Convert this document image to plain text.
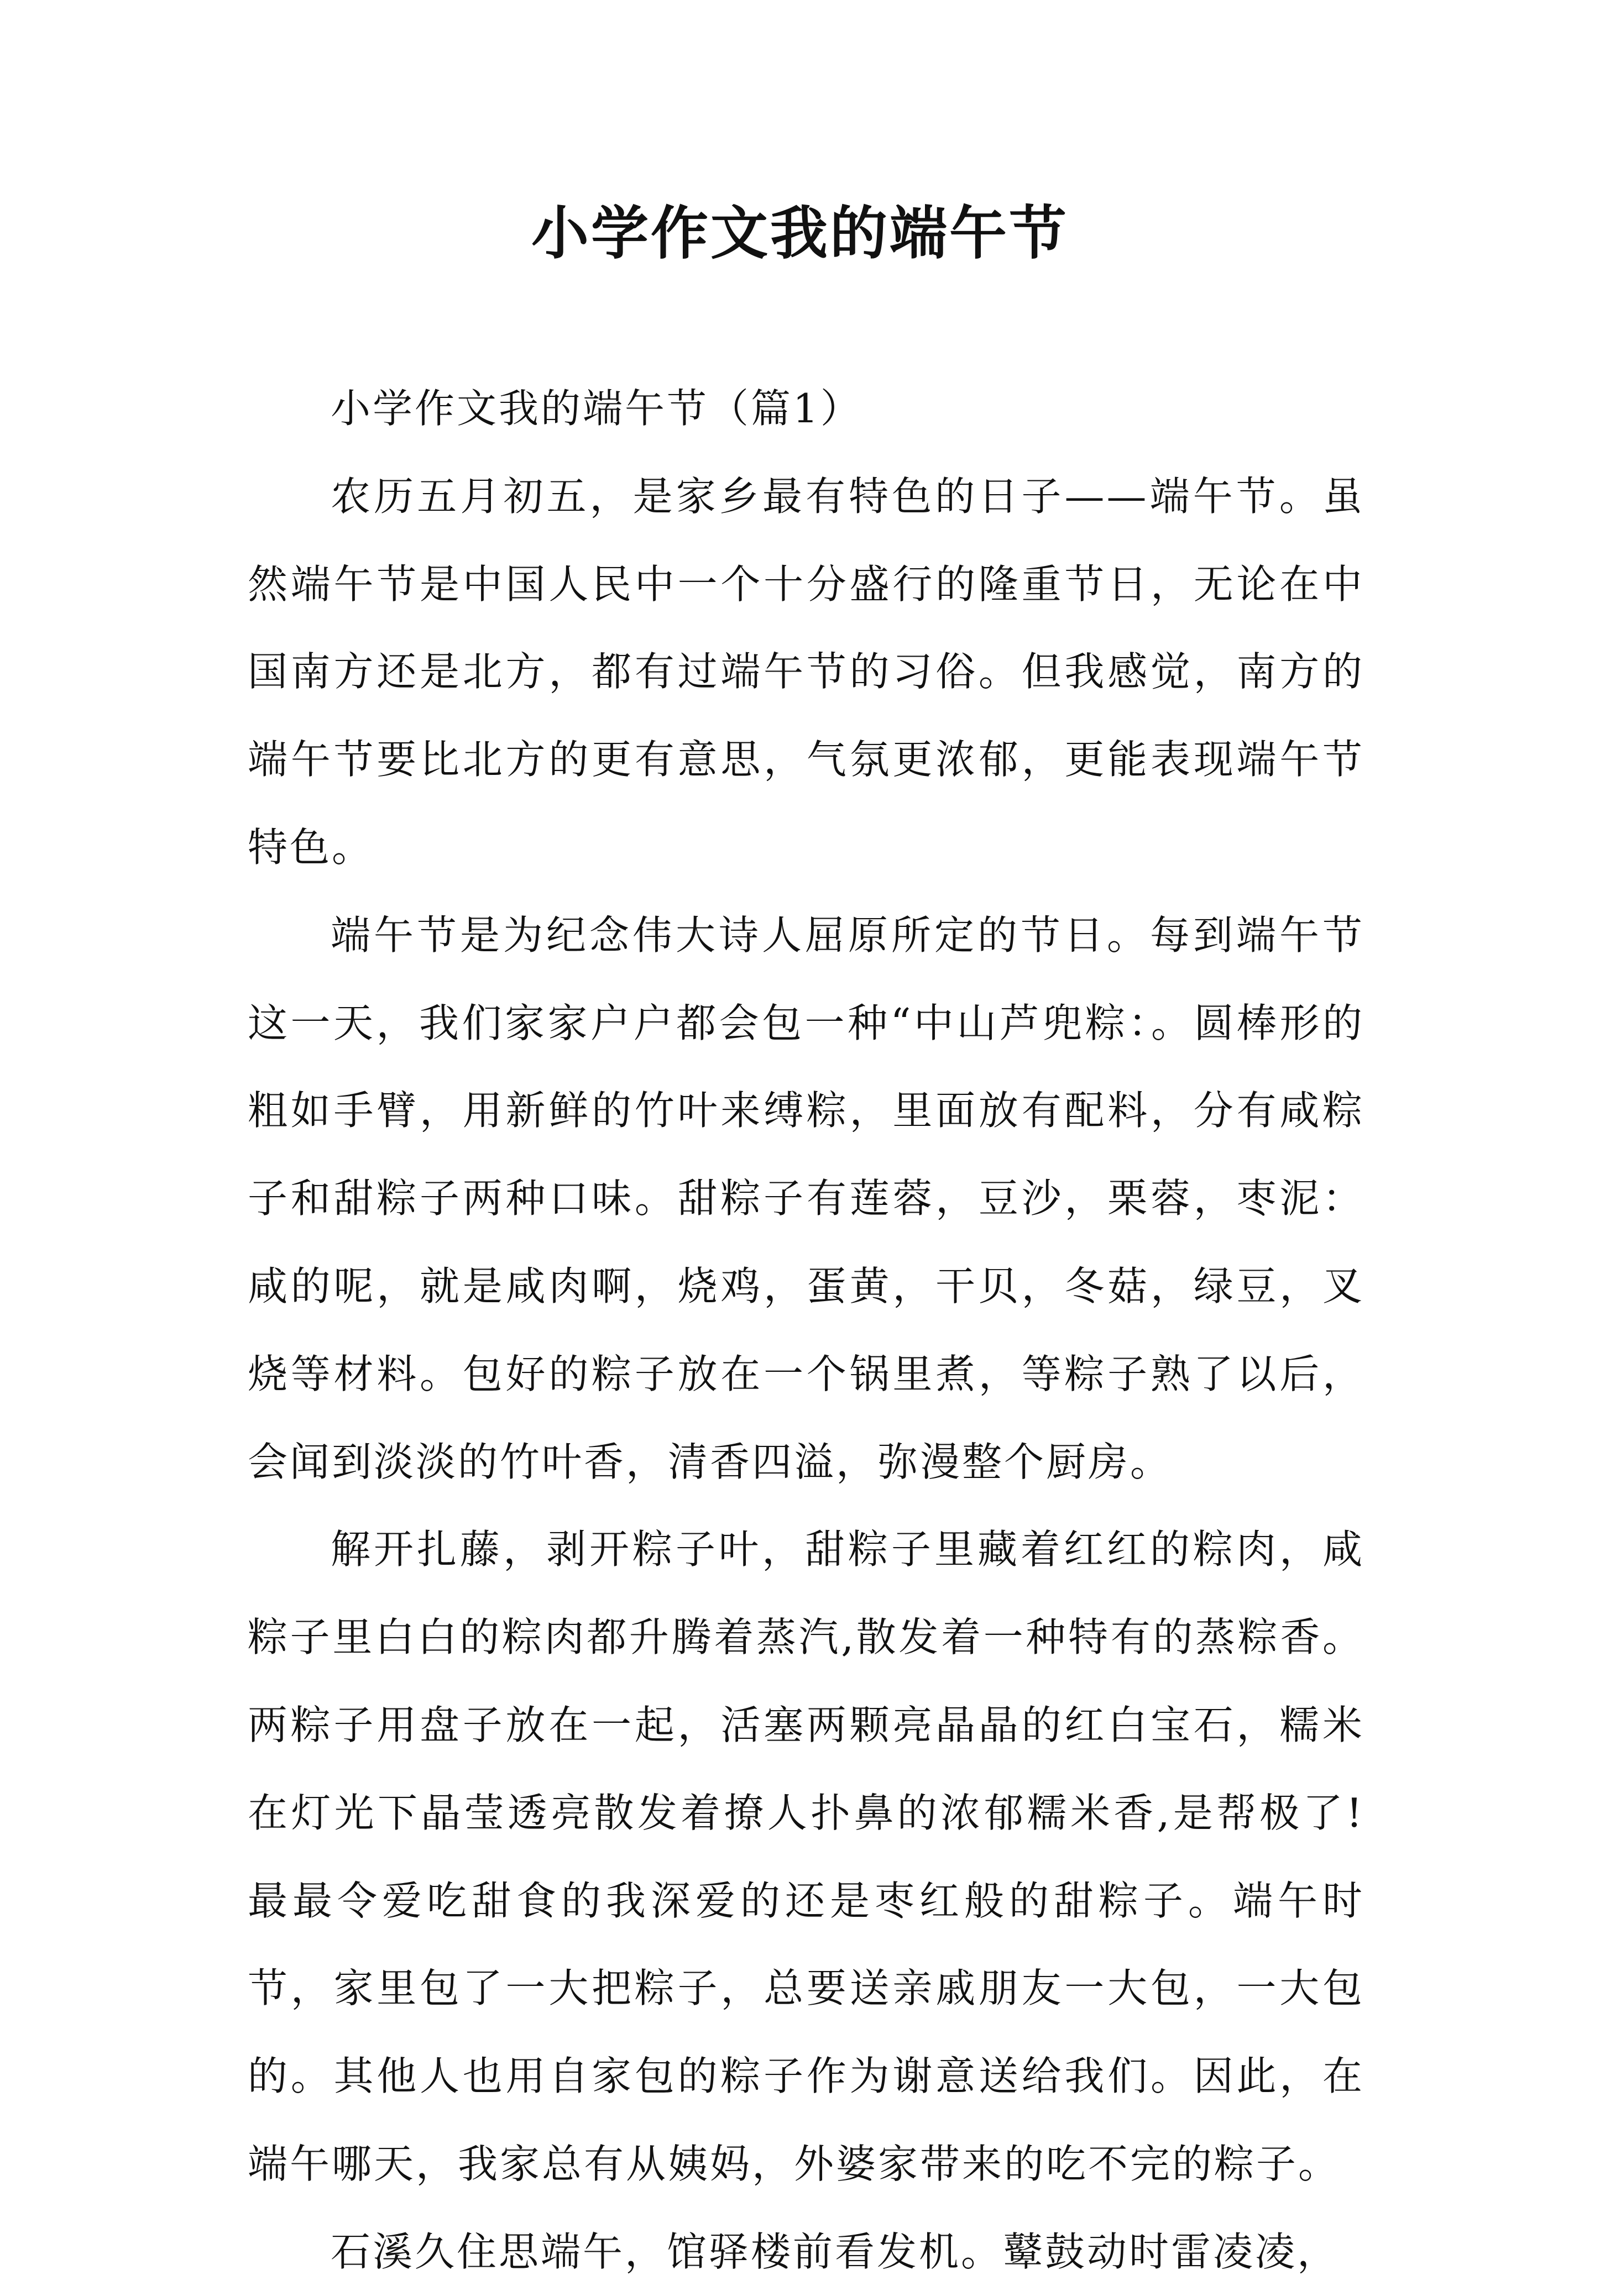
小学作文我的端午节

小学作文我的端午节（篇1）

农历五月初五，是家乡最有特色的日子——端午节。虽然端午节是中国人民中一个十分盛行的隆重节日，无论在中国南方还是北方，都有过端午节的习俗。但我感觉，南方的端午节要比北方的更有意思，气氛更浓郁，更能表现端午节特色。

端午节是为纪念伟大诗人屈原所定的节日。每到端午节这一天，我们家家户户都会包一种“中山芦兜粽：。圆棒形的粗如手臂，用新鲜的竹叶来缚粽，里面放有配料，分有咸粽子和甜粽子两种口味。甜粽子有莲蓉，豆沙，栗蓉，枣泥：咸的呢，就是咸肉啊，烧鸡，蛋黄，干贝，冬菇，绿豆，叉烧等材料。包好的粽子放在一个锅里煮，等粽子熟了以后，会闻到淡淡的竹叶香，清香四溢，弥漫整个厨房。

解开扎藤，剥开粽子叶，甜粽子里藏着红红的粽肉，咸粽子里白白的粽肉都升腾着蒸汽,散发着一种特有的蒸粽香。两粽子用盘子放在一起，活塞两颗亮晶晶的红白宝石，糯米在灯光下晶莹透亮散发着撩人扑鼻的浓郁糯米香,是帮极了!最最令爱吃甜食的我深爱的还是枣红般的甜粽子。端午时节，家里包了一大把粽子，总要送亲戚朋友一大包，一大包的。其他人也用自家包的粽子作为谢意送给我们。因此，在端午哪天，我家总有从姨妈，外婆家带来的吃不完的粽子。

石溪久住思端午，馆驿楼前看发机。鼙鼓动时雷凌凌，
